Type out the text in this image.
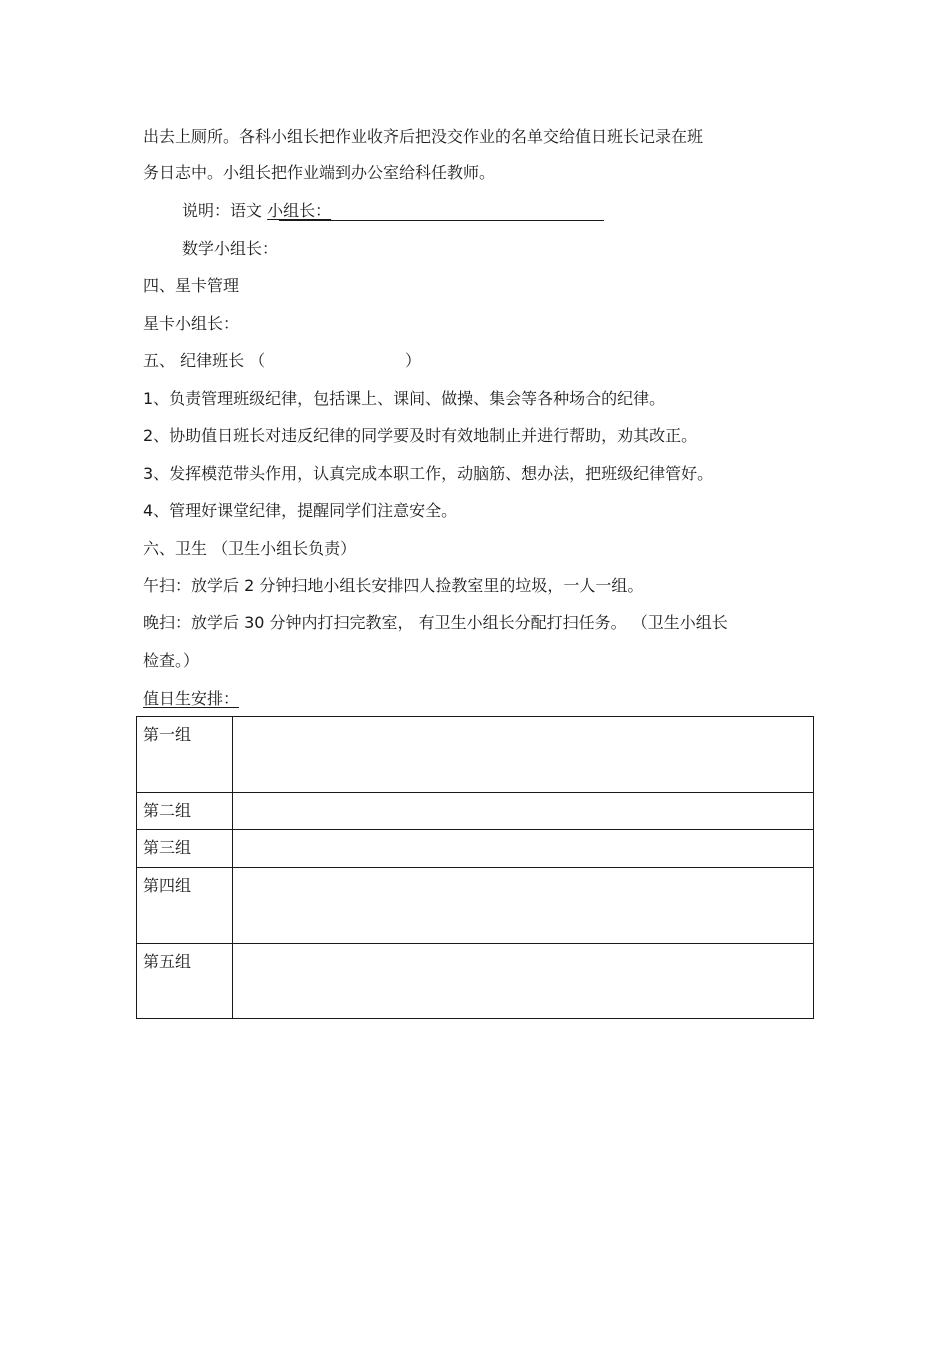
出去上厕所。各科小组长把作业收齐后把没交作业的名单交给值日班长记录在班
务日志中。小组长把作业端到办公室给科任教师。
说明：语文 小组长：
数学小组长：
四、星卡管理
星卡小组长：
五、 纪律班长 （	）
1、负责管理班级纪律，包括课上、课间、做操、集会等各种场合的纪律。
2、协助值日班长对违反纪律的同学要及时有效地制止并进行帮助，劝其改正。
3、发挥模范带头作用，认真完成本职工作，动脑筋、想办法，把班级纪律管好。
4、管理好课堂纪律，提醒同学们注意安全。
六、卫生 （卫生小组长负责）
午扫：放学后 2 分钟扫地小组长安排四人捡教室里的垃圾，一人一组。
晚扫：放学后 30 分钟内打扫完教室， 有卫生小组长分配打扫任务。 （卫生小组长
检查。）
值日生安排：
第一组	
第二组	
第三组	
第四组	
第五组	
